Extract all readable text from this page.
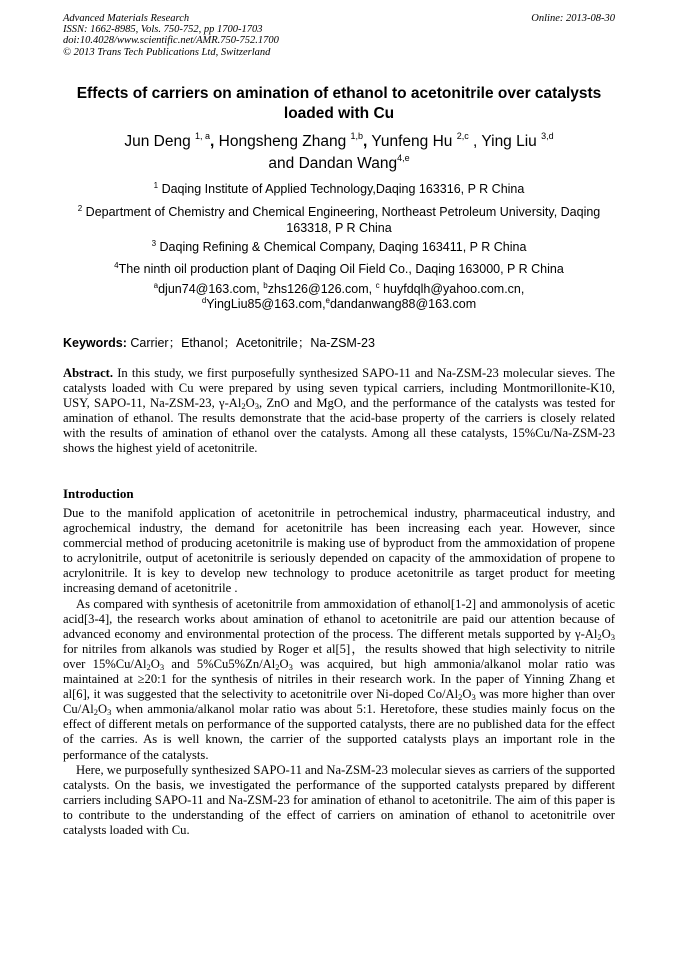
Advanced Materials Research
ISSN: 1662-8985, Vols. 750-752, pp 1700-1703
doi:10.4028/www.scientific.net/AMR.750-752.1700
© 2013 Trans Tech Publications Ltd, Switzerland
Online: 2013-08-30
Effects of carriers on amination of ethanol to acetonitrile over catalysts
loaded with Cu
Jun Deng $^{1, a}$, Hongsheng Zhang $^{1,b}$, Yunfeng Hu $^{2,c}$ , Ying Liu $^{3,d}$
and Dandan Wang$^{4,e}$
$^1$ Daqing Institute of Applied Technology,Daqing 163316, P R China
$^2$ Department of Chemistry and Chemical Engineering, Northeast Petroleum University, Daqing
163318, P R China
$^3$ Daqing Refining & Chemical Company, Daqing 163411, P R China
$^4$The ninth oil production plant of Daqing Oil Field Co., Daqing 163000, P R China
$^a$djun74@163.com, $^b$zhs126@126.com, $^c$ huyfdqlh@yahoo.com.cn,
$^d$YingLiu85@163.com,$^e$dandanwang88@163.com
Keywords: Carrier；Ethanol；Acetonitrile；Na-ZSM-23

Abstract. In this study, we first purposefully synthesized SAPO-11 and Na-ZSM-23 molecular sieves. The catalysts loaded with Cu were prepared by using seven typical carriers, including Montmorillonite-K10, USY, SAPO-11, Na-ZSM-23, $\gamma-Al_2O_3$, ZnO and MgO, and the performance of the catalysts was tested for amination of ethanol. The results demonstrate that the acid-base property of the carriers is closely related with the results of amination of ethanol over the catalysts. Among all these catalysts, 15%Cu/Na-ZSM-23 shows the highest yield of acetonitrile.

Introduction

Due to the manifold application of acetonitrile in petrochemical industry, pharmaceutical industry, and agrochemical industry, the demand for acetonitrile has been increasing each year. However, since commercial method of producing acetonitrile is making use of byproduct from the ammoxidation of propene to acrylonitrile, output of acetonitrile is seriously depended on capacity of the ammoxidation of propene to acrylonitrile. It is key to develop new technology to produce acetonitrile as target product for meeting increasing demand of acetonitrile .

As compared with synthesis of acetonitrile from ammoxidation of ethanol[1-2] and ammonolysis of acetic acid[3-4], the research works about amination of ethanol to acetonitrile are paid our attention because of advanced economy and environmental protection of the process. The different metals supported by $\gamma-Al_2O_3$ for nitriles from alkanols was studied by Roger et al[5]，the results showed that high selectivity to nitrile over $15\%Cu/Al_2O_3$ and $5\%Cu5\%Zn/Al_2O_3$ was acquired, but high ammonia/alkanol molar ratio was maintained at ≥20:1 for the synthesis of nitriles in their research work. In the paper of Yinning Zhang et al[6], it was suggested that the selectivity to acetonitrile over Ni-doped $Co/Al_2O_3$ was more higher than over $Cu/Al_2O_3$ when ammonia/alkanol molar ratio was about 5:1. Heretofore, these studies mainly focus on the effect of different metals on performance of the supported catalysts, there are no published data for the effect of the carries. As is well known, the carrier of the supported catalysts plays an important role in the performance of the catalysts.

Here, we purposefully synthesized SAPO-11 and Na-ZSM-23 molecular sieves as carriers of the supported catalysts. On the basis, we investigated the performance of the supported catalysts prepared by different carriers including SAPO-11 and Na-ZSM-23 for amination of ethanol to acetonitrile. The aim of this paper is to contribute to the understanding of the effect of carriers on amination of ethanol to acetonitrile over catalysts loaded with Cu.
